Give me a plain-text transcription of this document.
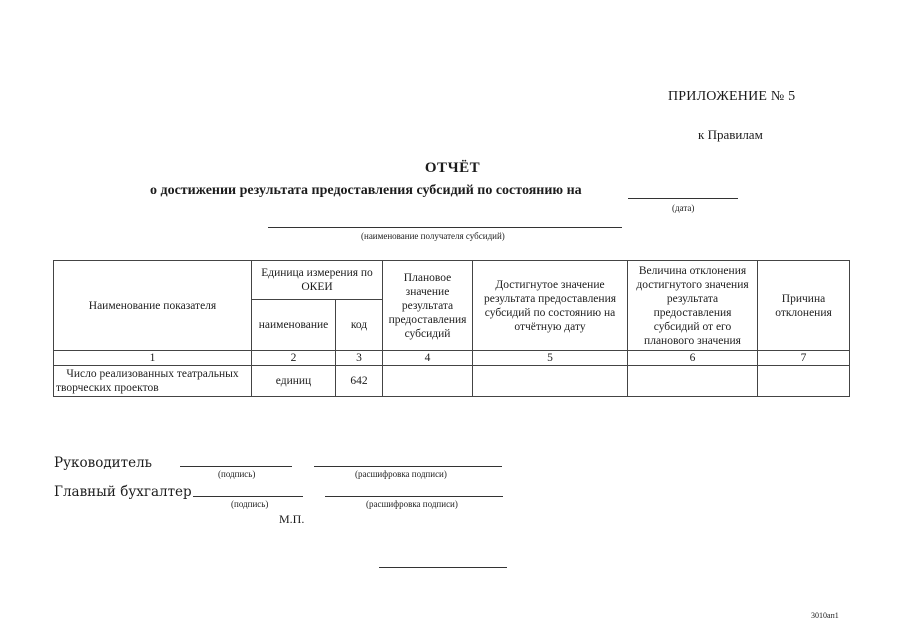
ПРИЛОЖЕНИЕ № 5
к Правилам
ОТЧЁТ
о достижении результата предоставления субсидий по состоянию на
(дата)
(наименование получателя субсидий)
Наименование показателя	Единица измерения по ОКЕИ		Плановое значение результата предоставления субсидий	Достигнутое значение результата предоставления субсидий по состоянию на отчётную дату	Величина отклонения достигнутого значения результата предоставления субсидий от его планового значения	Причина отклонения
	наименование	код				
1	2	3	4	5	6	7
Число реализованных театральных творческих проектов	единиц	642				
Руководитель
(подпись)	(расшифровка подписи)
Главный бухгалтер
(подпись)	(расшифровка подписи)
М.П.
3010ап1
